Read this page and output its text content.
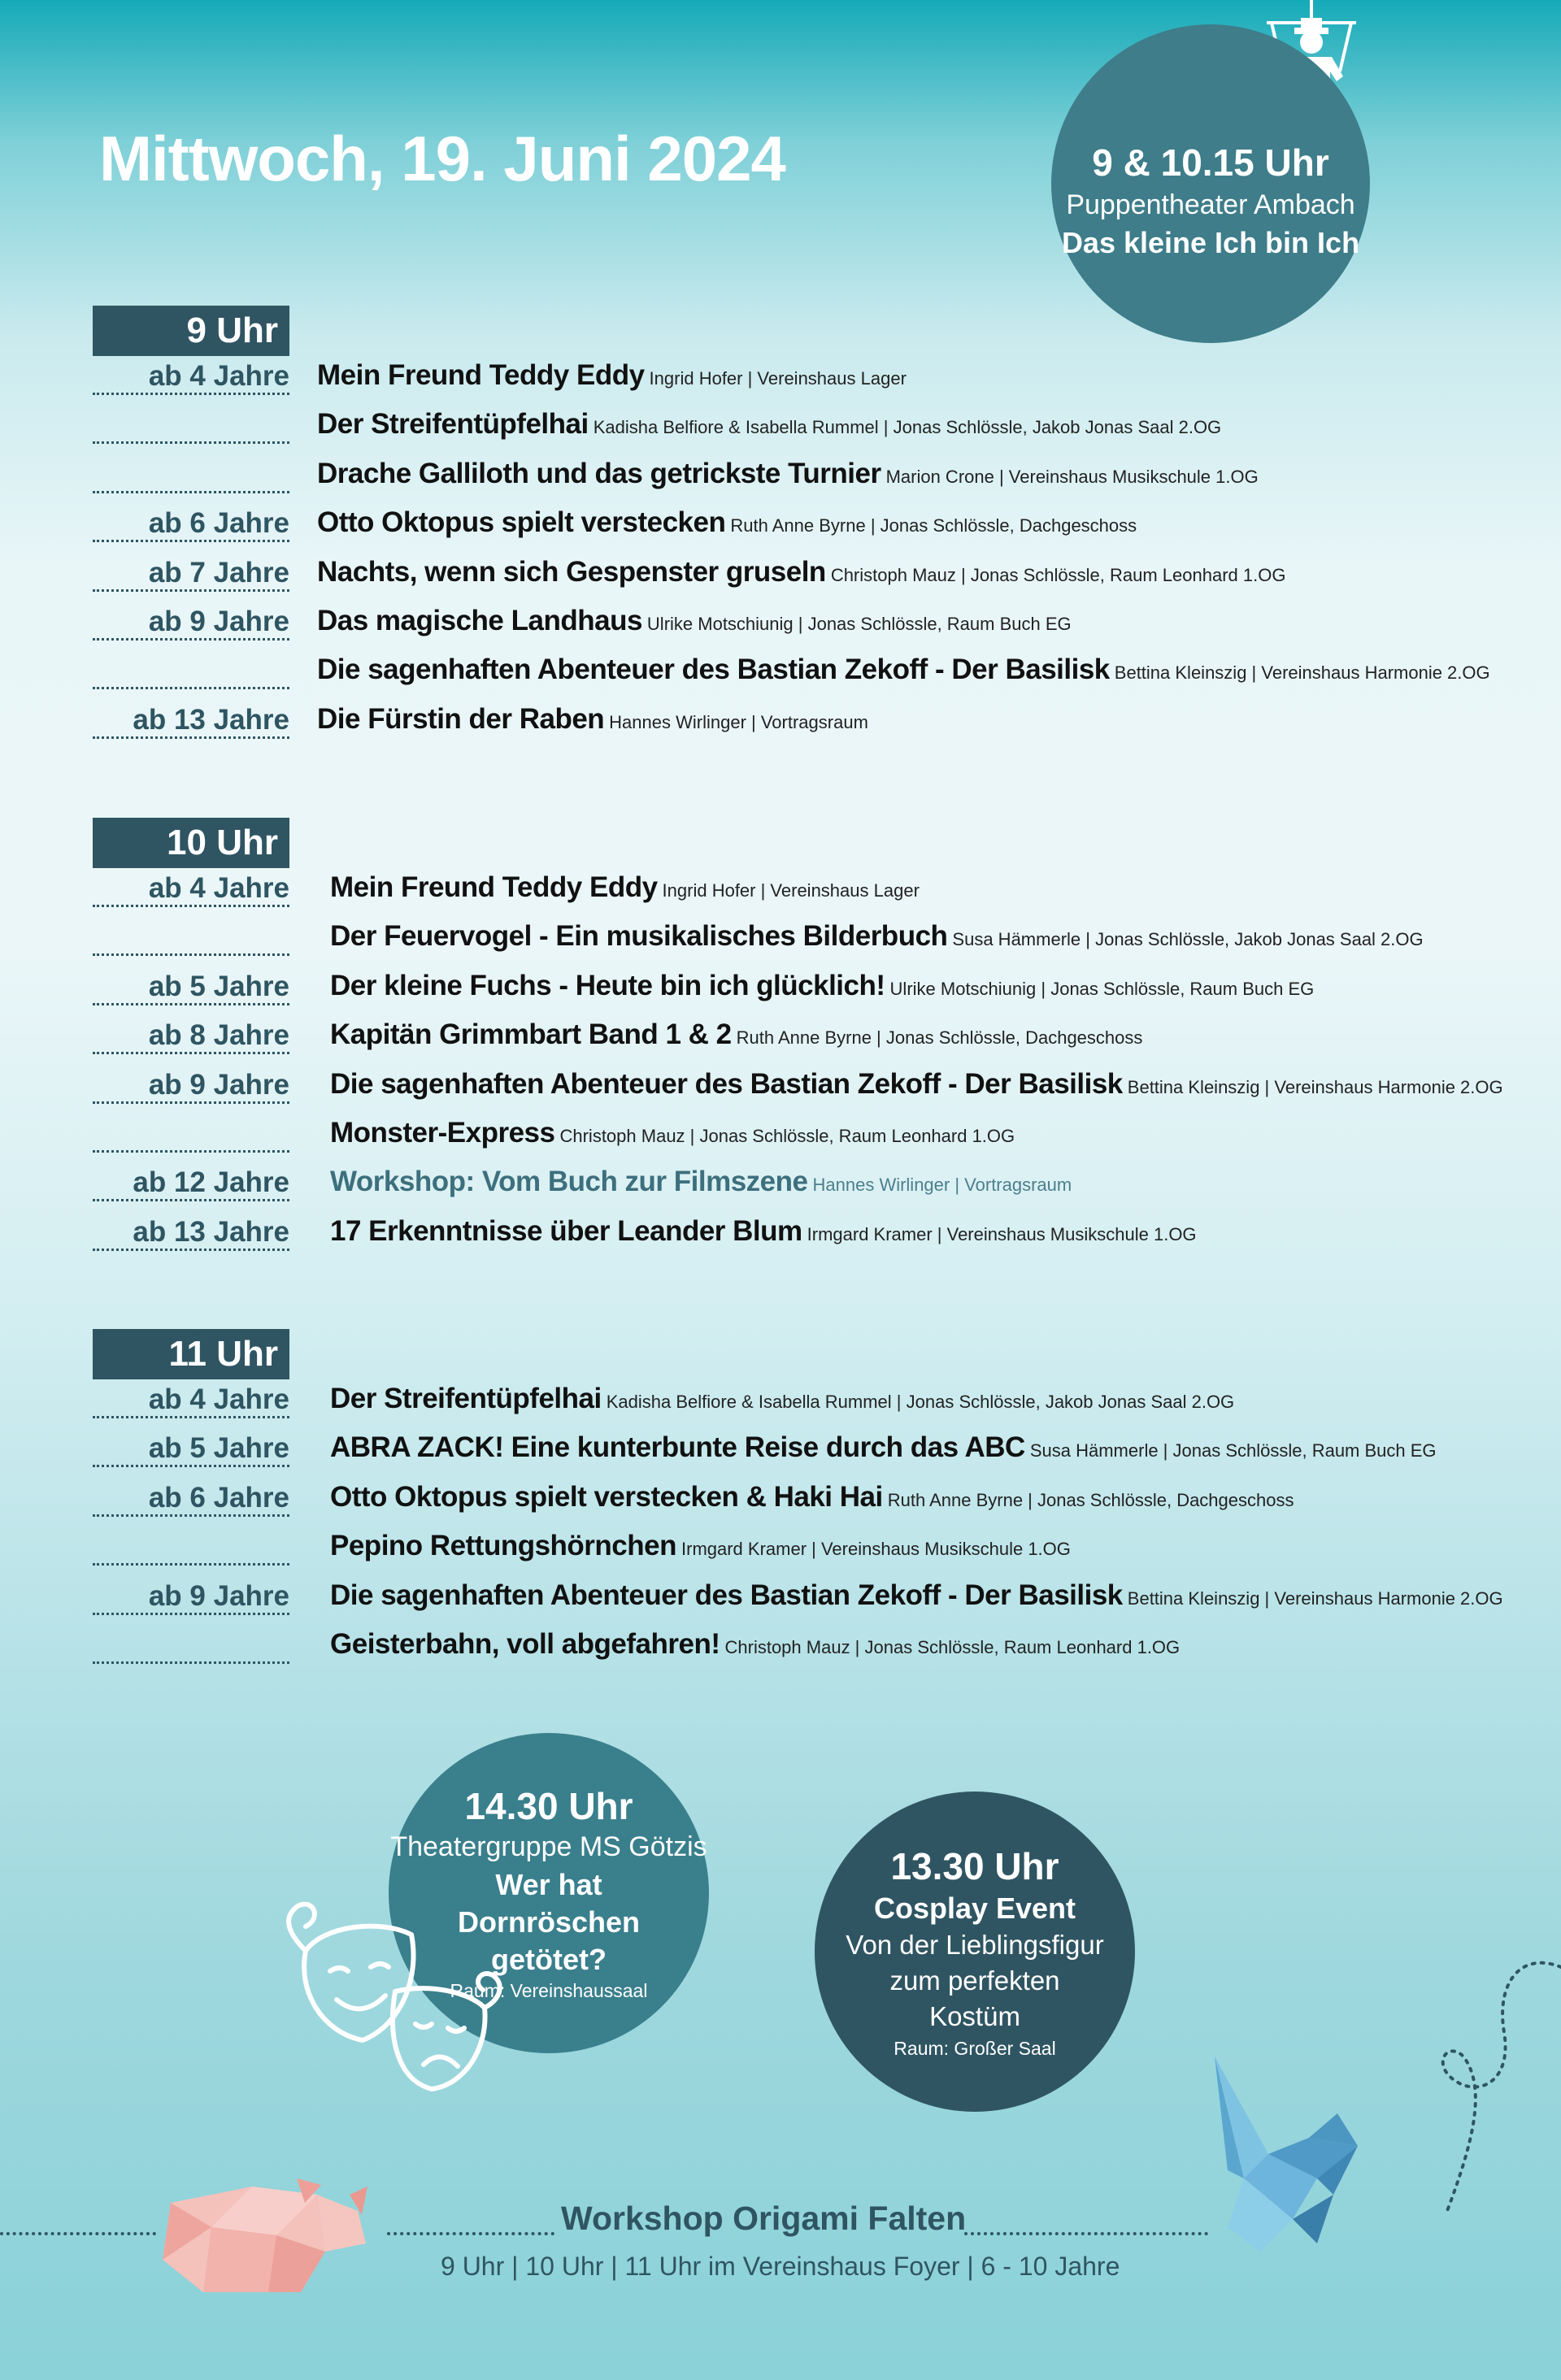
Mittwoch, 19. Juni 2024	9 & 10.15 Uhr
Puppentheater Ambach
Das kleine Ich bin Ich
9 Uhr
ab 4 Jahre Mein Freund Teddy Eddy Ingrid Hofer | Vereinshaus Lager
Der Streifentüpfelhai Kadisha Belfiore & Isabella Rummel | Jonas Schlössle, Jakob Jonas Saal 2.OG
Drache Galliloth und das getrickste Turnier Marion Crone | Vereinshaus Musikschule 1.OG
ab 6 Jahre Otto Oktopus spielt verstecken Ruth Anne Byrne | Jonas Schlössle, Dachgeschoss
ab 7 Jahre Nachts, wenn sich Gespenster gruseln Christoph Mauz | Jonas Schlössle, Raum Leonhard 1.OG
ab 9 Jahre Das magische Landhaus Ulrike Motschiunig | Jonas Schlössle, Raum Buch EG
Die sagenhaften Abenteuer des Bastian Zekoff - Der Basilisk Bettina Kleinszig | Vereinshaus Harmonie 2.OG
ab 13 Jahre Die Fürstin der Raben Hannes Wirlinger | Vortragsraum
10 Uhr
ab 4 Jahre Mein Freund Teddy Eddy Ingrid Hofer | Vereinshaus Lager
Der Feuervogel - Ein musikalisches Bilderbuch Susa Hämmerle | Jonas Schlössle, Jakob Jonas Saal 2.OG
ab 5 Jahre Der kleine Fuchs - Heute bin ich glücklich! Ulrike Motschiunig | Jonas Schlössle, Raum Buch EG
ab 8 Jahre Kapitän Grimmbart Band 1 & 2 Ruth Anne Byrne | Jonas Schlössle, Dachgeschoss
ab 9 Jahre Die sagenhaften Abenteuer des Bastian Zekoff - Der Basilisk Bettina Kleinszig | Vereinshaus Harmonie 2.OG
Monster-Express Christoph Mauz | Jonas Schlössle, Raum Leonhard 1.OG
ab 12 Jahre Workshop: Vom Buch zur Filmszene Hannes Wirlinger | Vortragsraum
ab 13 Jahre 17 Erkenntnisse über Leander Blum Irmgard Kramer | Vereinshaus Musikschule 1.OG
11 Uhr
ab 4 Jahre Der Streifentüpfelhai Kadisha Belfiore & Isabella Rummel | Jonas Schlössle, Jakob Jonas Saal 2.OG
ab 5 Jahre ABRA ZACK! Eine kunterbunte Reise durch das ABC Susa Hämmerle | Jonas Schlössle, Raum Buch EG
ab 6 Jahre Otto Oktopus spielt verstecken & Haki Hai Ruth Anne Byrne | Jonas Schlössle, Dachgeschoss
Pepino Rettungshörnchen Irmgard Kramer | Vereinshaus Musikschule 1.OG
ab 9 Jahre Die sagenhaften Abenteuer des Bastian Zekoff - Der Basilisk Bettina Kleinszig | Vereinshaus Harmonie 2.OG
Geisterbahn, voll abgefahren! Christoph Mauz | Jonas Schlössle, Raum Leonhard 1.OG
14.30 Uhr
Theatergruppe MS Götzis
Wer hat Dornröschen getötet?
Raum: Vereinshaussaal
13.30 Uhr
Cosplay Event
Von der Lieblingsfigur zum perfekten Kostüm
Raum: Großer Saal
Workshop Origami Falten
9 Uhr | 10 Uhr | 11 Uhr im Vereinshaus Foyer | 6 - 10 Jahre
